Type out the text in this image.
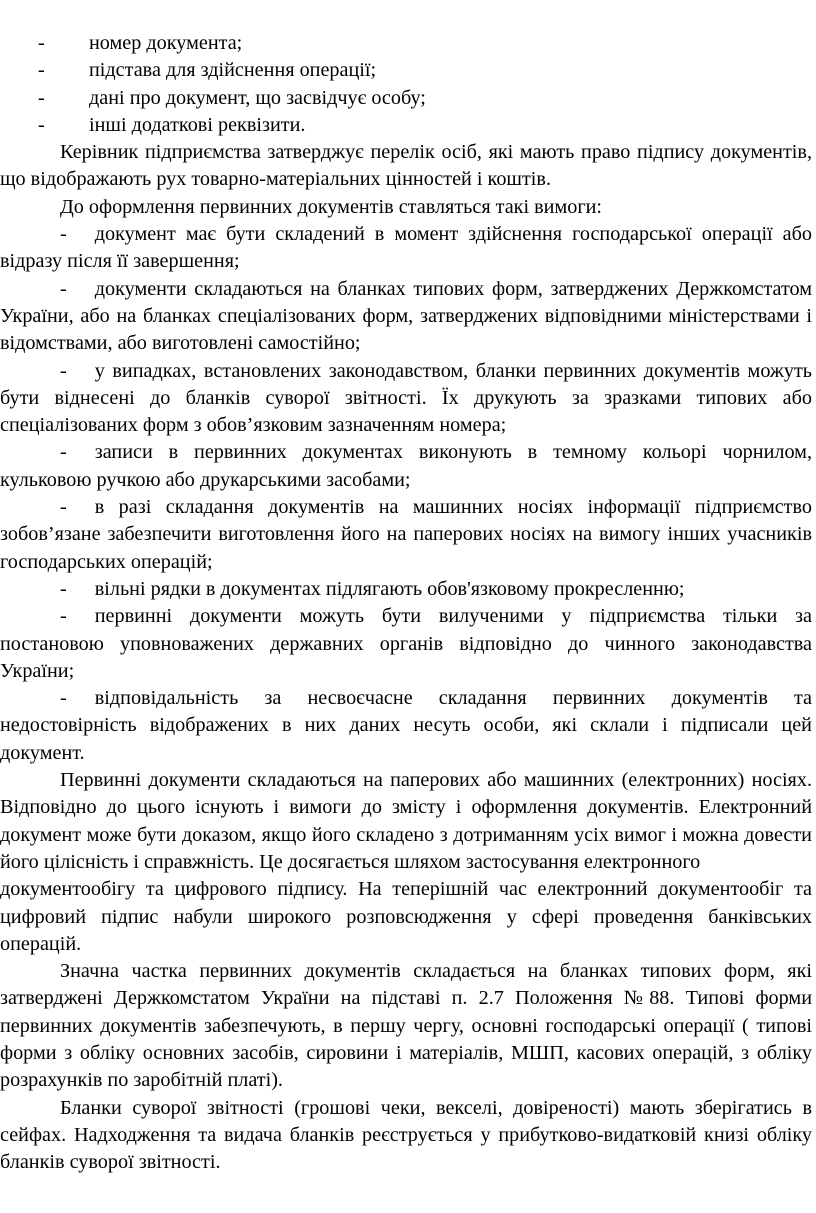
-	номер документа;
-	підстава для здійснення операції;
-	дані про документ, що засвідчує особу;
-	інші додаткові реквізити.

Керівник підприємства затверджує перелік осіб, які мають право підпису документів, що відображають рух товарно-матеріальних цінностей і коштів.

До оформлення первинних документів ставляться такі вимоги:

- документ має бути складений в момент здійснення господарської операції або відразу після її завершення;

- документи складаються на бланках типових форм, затверджених Держкомстатом України, або на бланках спеціалізованих форм, затверджених відповідними міністерствами і відомствами, або виготовлені самостійно;

- у випадках, встановлених законодавством, бланки первинних документів можуть бути віднесені до бланків суворої звітності. Їх друкують за зразками типових або спеціалізованих форм з обов’язковим зазначенням номера;

- записи в первинних документах виконують в темному кольорі чорнилом, кульковою ручкою або друкарськими засобами;

- в разі складання документів на машинних носіях інформації підприємство зобов’язане забезпечити виготовлення його на паперових носіях на вимогу інших учасників господарських операцій;

- вільні рядки в документах підлягають обов'язковому прокресленню;

- первинні документи можуть бути вилученими у підприємства тільки за постановою уповноважених державних органів відповідно до чинного законодавства України;

- відповідальність за несвоєчасне складання первинних документів та недостовірність відображених в них даних несуть особи, які склали і підписали цей документ.

Первинні документи складаються на паперових або машинних (електронних) носіях. Відповідно до цього існують і вимоги до змісту і оформлення документів. Електронний документ може бути доказом, якщо його складено з дотриманням усіх вимог і можна довести його цілісність і справжність. Це досягається шляхом застосування електронного

документообігу та цифрового підпису. На теперішній час електронний документообіг та цифровий підпис набули широкого розповсюдження у сфері проведення банківських операцій.

Значна частка первинних документів складається на бланках типових форм, які затверджені Держкомстатом України на підставі п. 2.7 Положення №88. Типові форми первинних документів забезпечують, в першу чергу, основні господарські операції ( типові форми з обліку основних засобів, сировини і матеріалів, МШП, касових операцій, з обліку розрахунків по заробітній платі).

Бланки суворої звітності (грошові чеки, векселі, довіреності) мають зберігатись в сейфах. Надходження та видача бланків реєструється у прибутково-видатковій книзі обліку бланків суворої звітності.
